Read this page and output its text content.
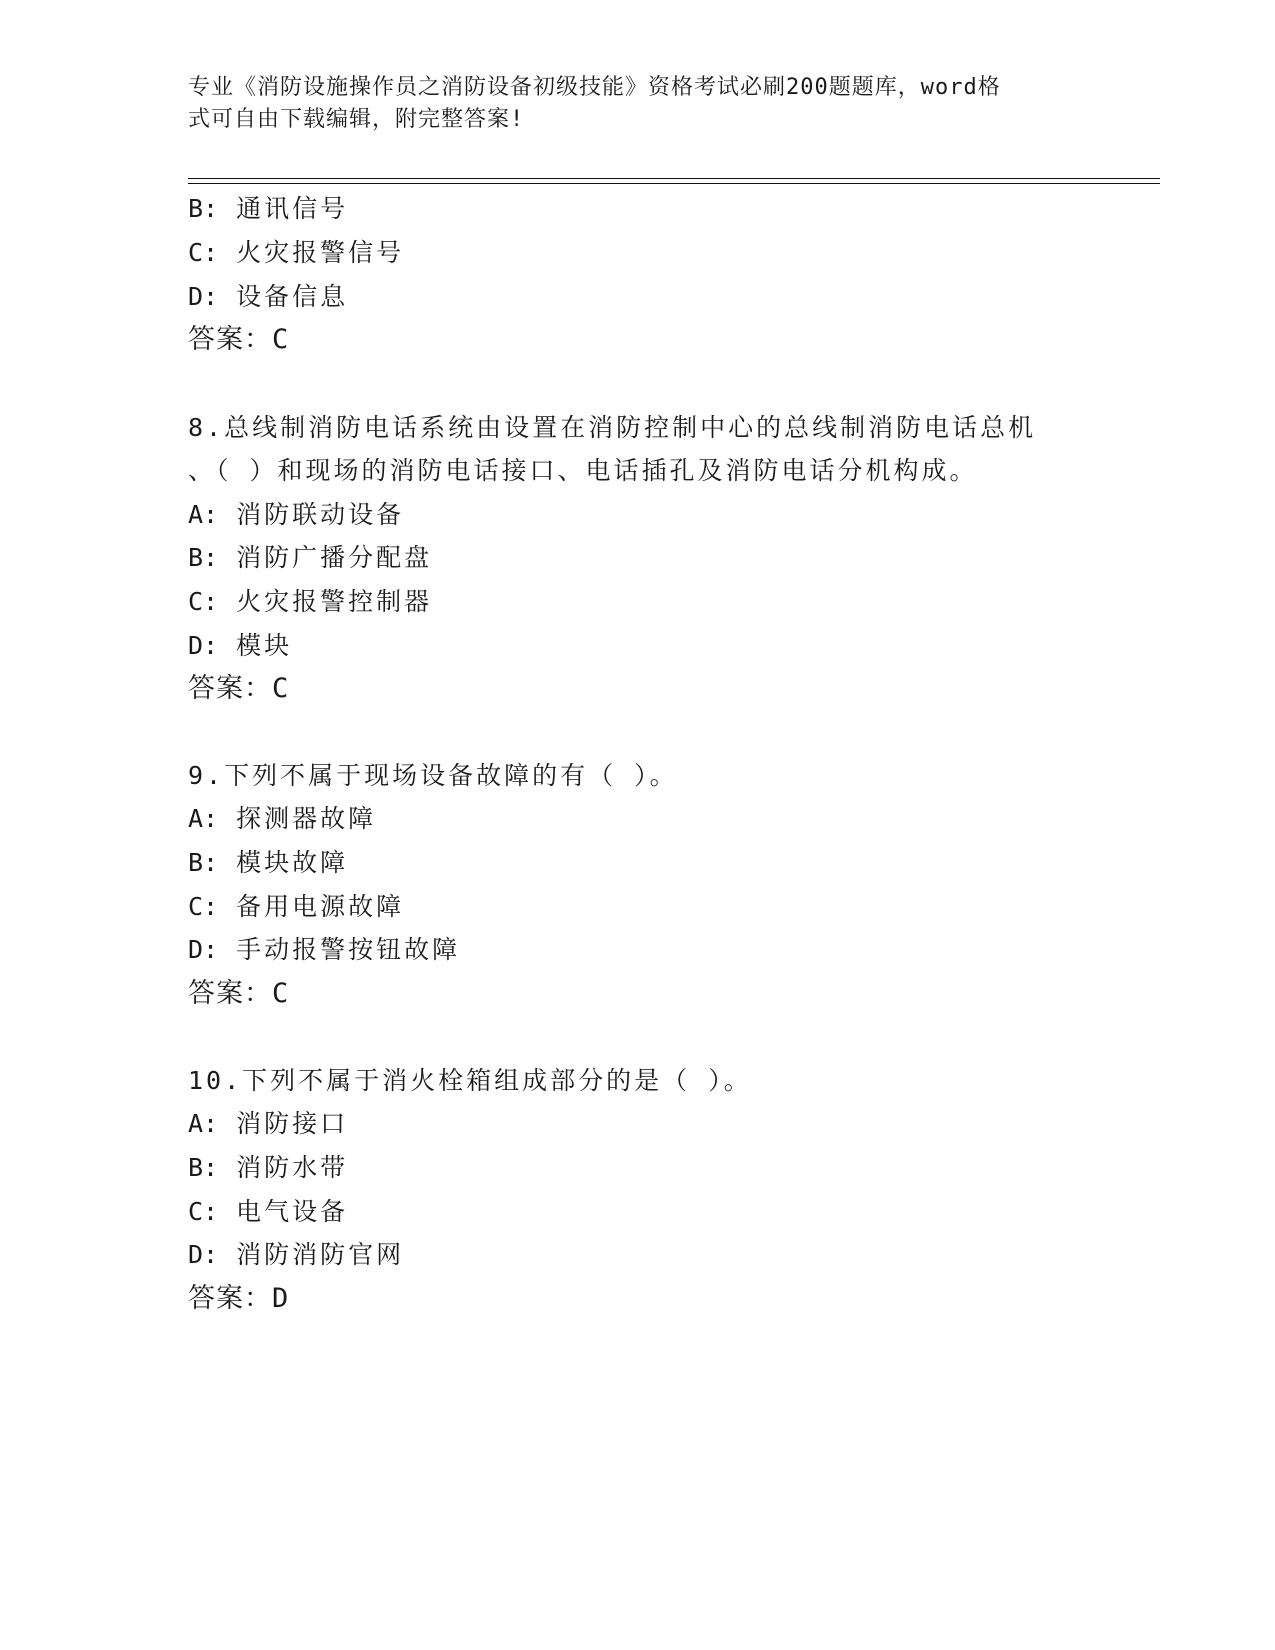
专业《消防设施操作员之消防设备初级技能》资格考试必刷200题题库，word格
式可自由下载编辑，附完整答案!
B: 通讯信号
C: 火灾报警信号
D: 设备信息
答案：C
8.总线制消防电话系统由设置在消防控制中心的总线制消防电话总机
、（ ）和现场的消防电话接口、电话插孔及消防电话分机构成。
A: 消防联动设备
B: 消防广播分配盘
C: 火灾报警控制器
D: 模块
答案：C
9.下列不属于现场设备故障的有（ ）。
A: 探测器故障
B: 模块故障
C: 备用电源故障
D: 手动报警按钮故障
答案：C
10.下列不属于消火栓箱组成部分的是（ ）。
A: 消防接口
B: 消防水带
C: 电气设备
D: 消防消防官网
答案：D
